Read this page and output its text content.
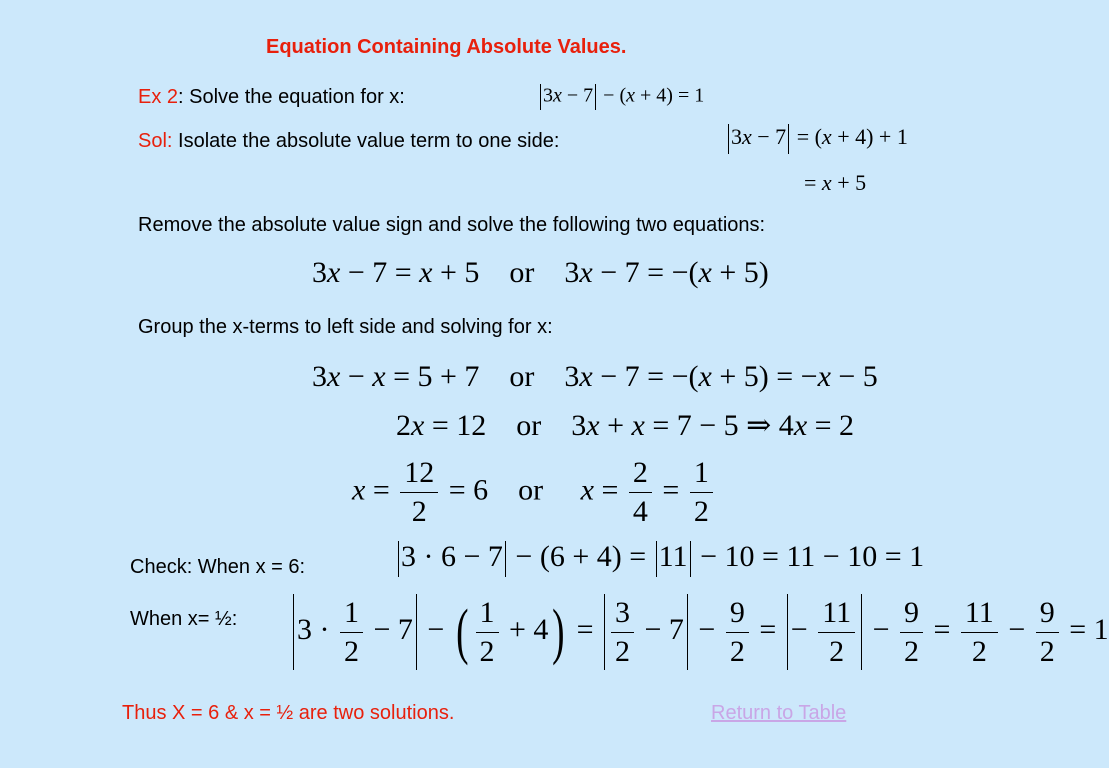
Equation Containing Absolute Values.
Ex 2: Solve the equation for x:	3x − 7 − (x + 4) = 1
Sol: Isolate the absolute value term to one side:	3x − 7 = (x + 4) + 1
= x + 5
Remove the absolute value sign and solve the following two equations:
3x − 7 = x + 5    or    3x − 7 = −(x + 5)
Group the x-terms to left side and solving for x:
3x − x = 5 + 7    or    3x − 7 = −(x + 5) = −x − 5
2x = 12    or    3x + x = 7 − 5 ⇒ 4x = 2
$x = \frac{12}{2} = 6$    or     $x = \frac{2}{4} = \frac{1}{2}$
Check: When x = 6:	3 · 6 − 7 − (6 + 4) = 11 − 10 = 11 − 10 = 1
When x= ½: $3 \cdot \frac{1}{2} - 7$ − ( $\frac{1}{2} + 4) = \frac{3}{2} - 7 - \frac{9}{2}$ = − $\frac{11}{2} - \frac{9}{2} = \frac{11}{2} - \frac{9}{2} = 1$
Thus X = 6 & x = ½ are two solutions.	Return to Table
